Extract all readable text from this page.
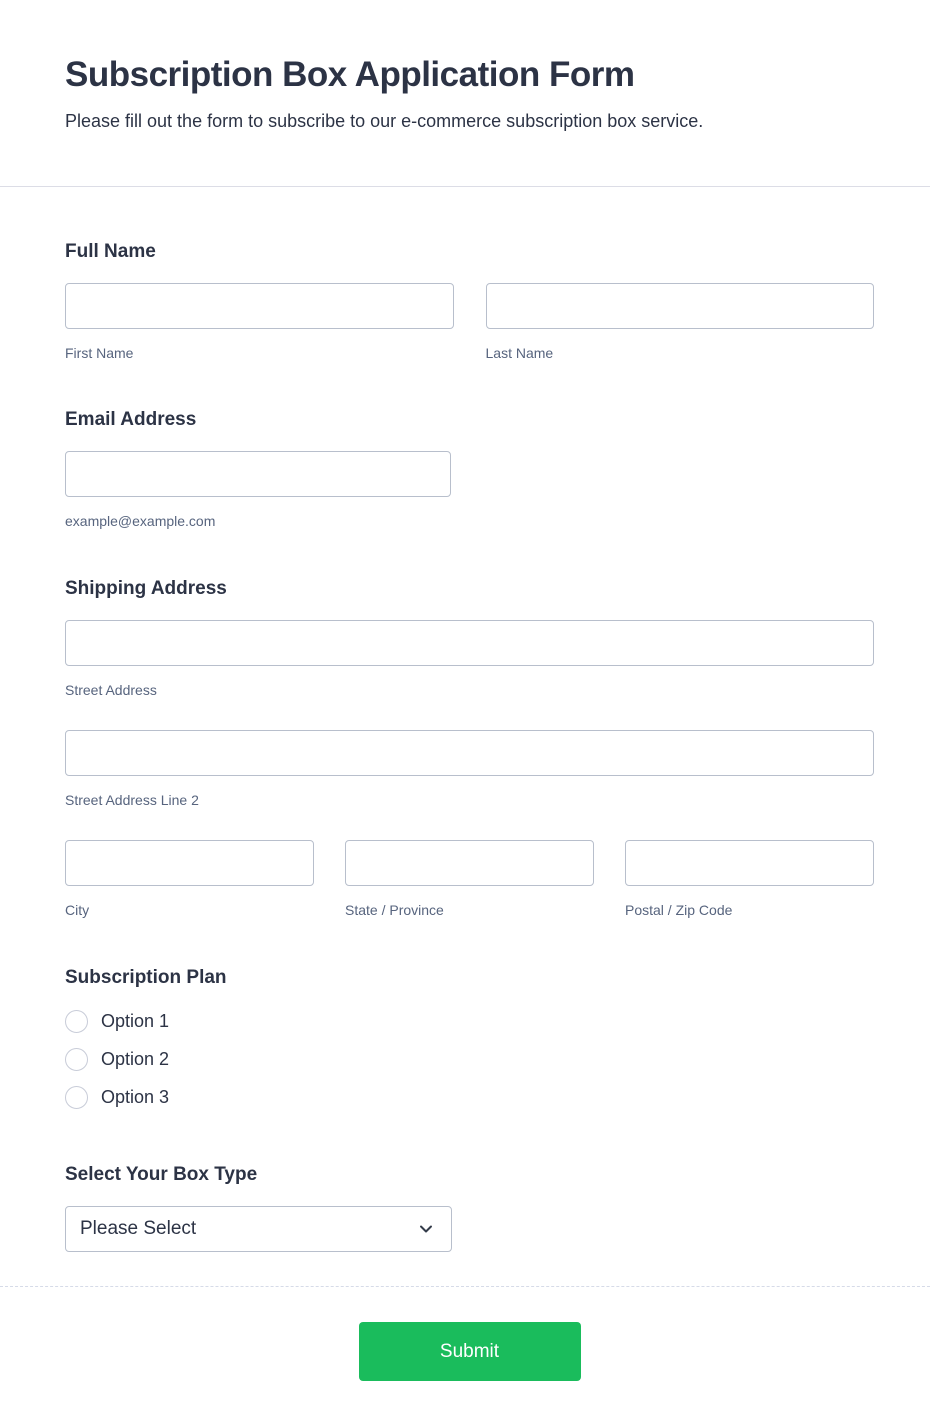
Subscription Box Application Form
Please fill out the form to subscribe to our e-commerce subscription box service.
Full Name
First Name	Last Name
Email Address
example@example.com
Shipping Address
Street Address
Street Address Line 2
City	State / Province	Postal / Zip Code
Subscription Plan
Option 1
Option 2
Option 3
Select Your Box Type
Please Select
Submit
